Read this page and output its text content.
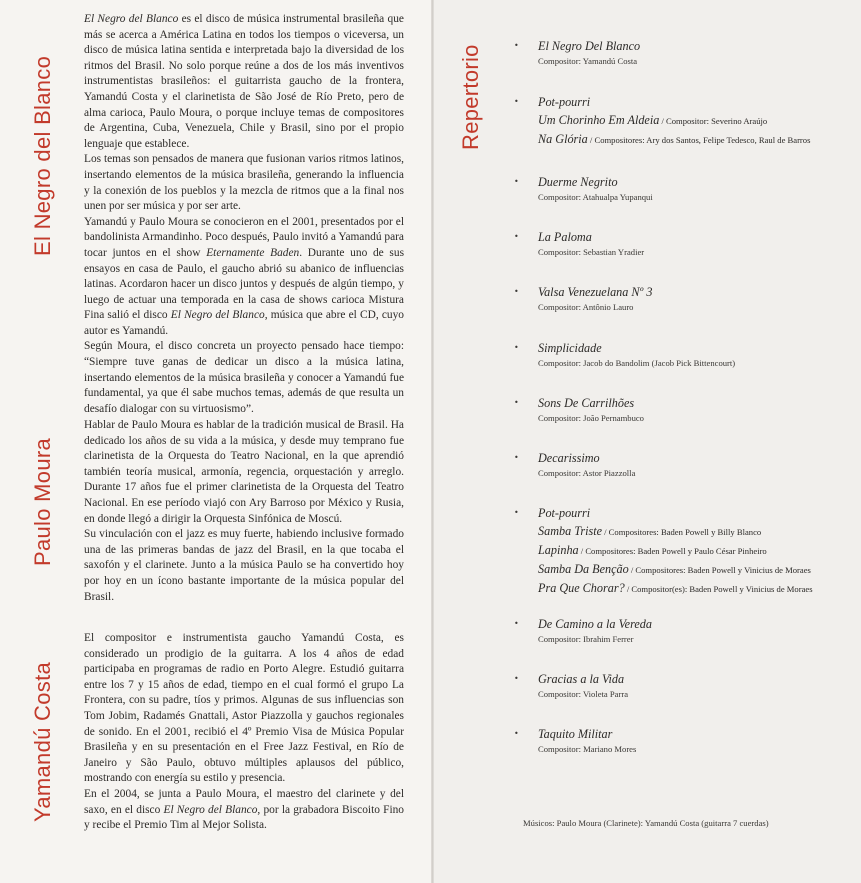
El Negro del Blanco
Paulo Moura
Yamandú Costa
Repertorio

El Negro del Blanco es el disco de música instrumental brasileña que más se acerca a América Latina en todos los tiempos o viceversa, un disco de música latina sentida e interpretada bajo la diversidad de los ritmos del Brasil. No solo porque reúne a dos de los más inventivos instrumentistas brasileños: el guitarrista gaucho de la frontera, Yamandú Costa y el clarinetista de São José de Río Preto, pero de alma carioca, Paulo Moura, o porque incluye temas de compositores de Argentina, Cuba, Venezuela, Chile y Brasil, sino por el propio lenguaje que establece.

Los temas son pensados de manera que fusionan varios ritmos latinos, insertando elementos de la música brasileña, generando la influencia y la conexión de los pueblos y la mezcla de ritmos que a la final nos unen por ser música y por ser arte.

Yamandú y Paulo Moura se conocieron en el 2001, presentados por el bandolinista Armandinho. Poco después, Paulo invitó a Yamandú para tocar juntos en el show Eternamente Baden. Durante uno de sus ensayos en casa de Paulo, el gaucho abrió su abanico de influencias latinas. Acordaron hacer un disco juntos y después de algún tiempo, y luego de actuar una temporada en la casa de shows carioca Mistura Fina salió el disco El Negro del Blanco, música que abre el CD, cuyo autor es Yamandú.

Según Moura, el disco concreta un proyecto pensado hace tiempo: “Siempre tuve ganas de dedicar un disco a la música latina, insertando elementos de la música brasileña y conocer a Yamandú fue fundamental, ya que él sabe muchos temas, además de que resulta un desafío dialogar con su virtuosismo”.

Hablar de Paulo Moura es hablar de la tradición musical de Brasil. Ha dedicado los años de su vida a la música, y desde muy temprano fue clarinetista de la Orquesta do Teatro Nacional, en la que aprendió también teoría musical, armonía, regencia, orquestación y arreglo. Durante 17 años fue el primer clarinetista de la Orquesta del Teatro Nacional. En ese período viajó con Ary Barroso por México y Rusia, en donde llegó a dirigir la Orquesta Sinfónica de Moscú.

Su vinculación con el jazz es muy fuerte, habiendo inclusive formado una de las primeras bandas de jazz del Brasil, en la que tocaba el saxofón y el clarinete. Junto a la música Paulo se ha convertido hoy por hoy en un ícono bastante importante de la música popular del Brasil.

El compositor e instrumentista gaucho Yamandú Costa, es considerado un prodigio de la guitarra. A los 4 años de edad participaba en programas de radio en Porto Alegre. Estudió guitarra entre los 7 y 15 años de edad, tiempo en el cual formó el grupo La Frontera, con su padre, tíos y primos. Algunas de sus influencias son Tom Jobim, Radamés Gnattali, Astor Piazzolla y gauchos regionales de sonido. En el 2001, recibió el 4º Premio Visa de Música Popular Brasileña y en su presentación en el Free Jazz Festival, en Río de Janeiro y São Paulo, obtuvo múltiples aplausos del público, mostrando con energía su estilo y presencia.

En el 2004, se junta a Paulo Moura, el maestro del clarinete y del saxo, en el disco El Negro del Blanco, por la grabadora Biscoito Fino y recibe el Premio Tim al Mejor Solista.

•	El Negro Del Blanco
Compositor: Yamandú Costa
•	Pot-pourri
Um Chorinho Em Aldeia / Compositor: Severino Araújo
Na Glória / Compositores: Ary dos Santos, Felipe Tedesco, Raul de Barros
•	Duerme Negrito
Compositor: Atahualpa Yupanqui
•	La Paloma
Compositor: Sebastian Yradier
•	Valsa Venezuelana Nº 3
Compositor: Antônio Lauro
•	Simplicidade
Compositor: Jacob do Bandolim (Jacob Pick Bittencourt)
•	Sons De Carrilhões
Compositor: João Pernambuco
•	Decarissimo
Compositor: Astor Piazzolla
•	Pot-pourri
Samba Triste / Compositores: Baden Powell y Billy Blanco
Lapinha / Compositores: Baden Powell y Paulo César Pinheiro
Samba Da Benção / Compositores: Baden Powell y Vinicius de Moraes
Pra Que Chorar? / Compositor(es): Baden Powell y Vinicius de Moraes
•	De Camino a la Vereda
Compositor: Ibrahim Ferrer
•	Gracias a la Vida
Compositor: Violeta Parra
•	Taquito Militar
Compositor: Mariano Mores
Músicos: Paulo Moura (Clarinete): Yamandú Costa (guitarra 7 cuerdas)
